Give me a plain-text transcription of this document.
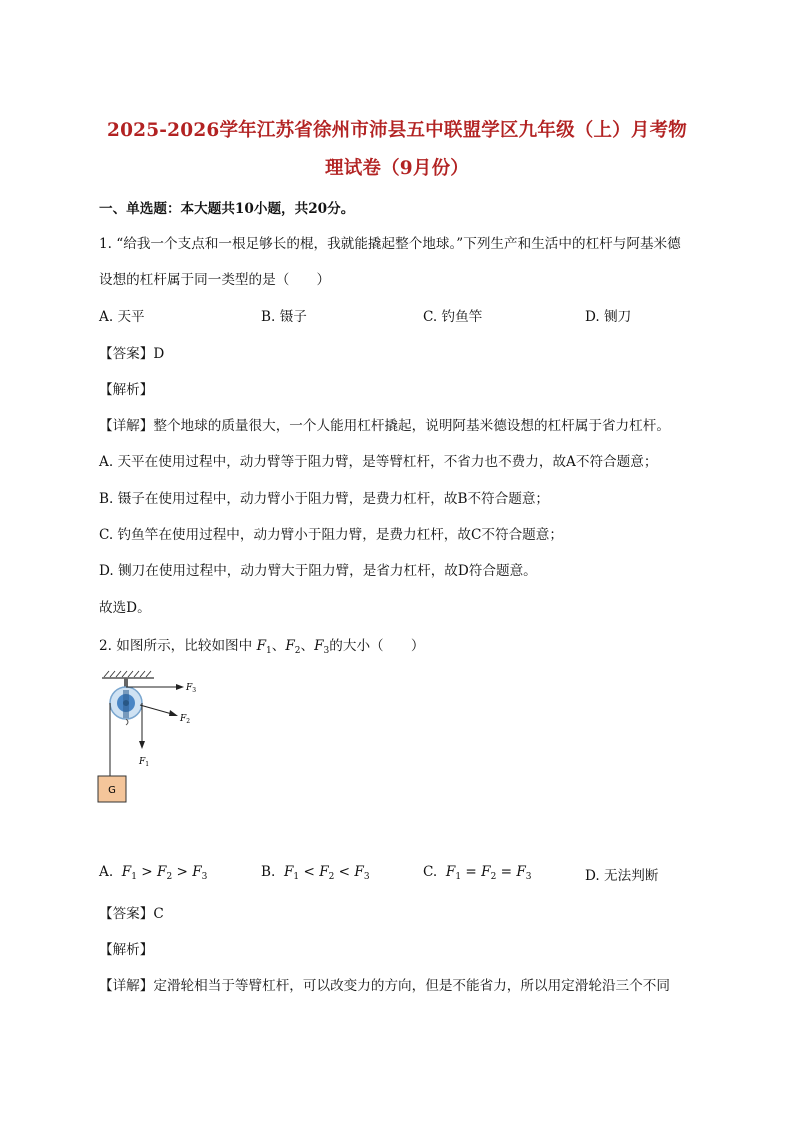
2025-2026学年江苏省徐州市沛县五中联盟学区九年级（上）月考物
理试卷（9月份）
一、单选题：本大题共10小题，共20分。
1. “给我一个支点和一根足够长的棍，我就能撬起整个地球。”下列生产和生活中的杠杆与阿基米德
设想的杠杆属于同一类型的是（　　）
A. 天平	B. 镊子	C. 钓鱼竿	D. 铡刀
【答案】D
【解析】
【详解】整个地球的质量很大，一个人能用杠杆撬起，说明阿基米德设想的杠杆属于省力杠杆。
A. 天平在使用过程中，动力臂等于阻力臂，是等臂杠杆，不省力也不费力，故A不符合题意；
B. 镊子在使用过程中，动力臂小于阻力臂，是费力杠杆，故B不符合题意；
C. 钓鱼竿在使用过程中，动力臂小于阻力臂，是费力杠杆，故C不符合题意；
D. 铡刀在使用过程中，动力臂大于阻力臂，是省力杠杆，故D符合题意。
故选D。
2. 如图所示，比较如图中 $F_1$、$F_2$、$F_3$的大小（　　）
$F_3$
$F_2$
$F_1$
G
A. $F_1 > F_2 > F_3$	B. $F_1 < F_2 < F_3$	C. $F_1 = F_2 = F_3$	D. 无法判断
【答案】C
【解析】
【详解】定滑轮相当于等臂杠杆，可以改变力的方向，但是不能省力，所以用定滑轮沿三个不同
